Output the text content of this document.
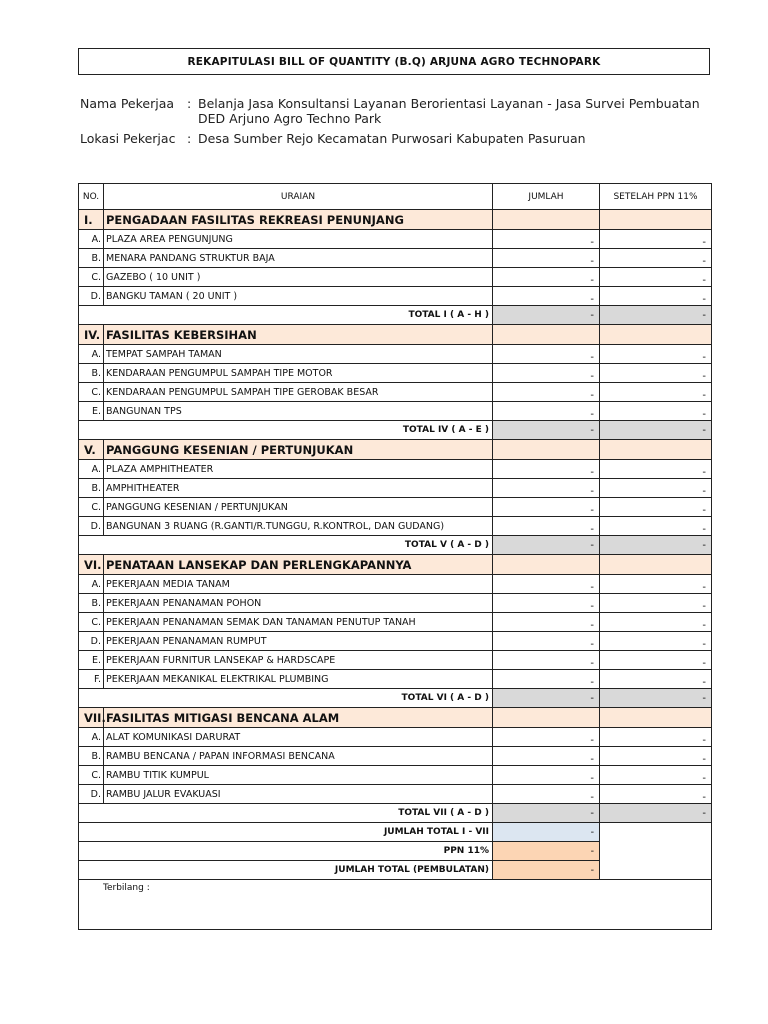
REKAPITULASI BILL OF QUANTITY (B.Q) ARJUNA AGRO TECHNOPARK
Nama Pekerjaa	: Belanja Jasa Konsultansi Layanan Berorientasi Layanan - Jasa Survei Pembuatan DED Arjuno Agro Techno Park
Lokasi Pekerjac : Desa Sumber Rejo Kecamatan Purwosari Kabupaten Pasuruan
NO.	URAIAN	JUMLAH	SETELAH PPN 11%
I.	PENGADAAN FASILITAS REKREASI PENUNJANG		
A.	PLAZA AREA PENGUNJUNG	-	-
B.	MENARA PANDANG STRUKTUR BAJA	-	-
C.	GAZEBO ( 10 UNIT )	-	-
D.	BANGKU TAMAN ( 20 UNIT )	-	-
TOTAL I ( A - H )		-	-
IV.	FASILITAS KEBERSIHAN		
A.	TEMPAT SAMPAH TAMAN	-	-
B.	KENDARAAN PENGUMPUL SAMPAH TIPE MOTOR	-	-
C.	KENDARAAN PENGUMPUL SAMPAH TIPE GEROBAK BESAR	-	-
E.	BANGUNAN TPS	-	-
TOTAL IV ( A - E )		-	-
V.	PANGGUNG KESENIAN / PERTUNJUKAN		
A.	PLAZA AMPHITHEATER	-	-
B.	AMPHITHEATER	-	-
C.	PANGGUNG KESENIAN / PERTUNJUKAN	-	-
D.	BANGUNAN 3 RUANG (R.GANTI/R.TUNGGU, R.KONTROL, DAN GUDANG)	-	-
TOTAL V ( A - D )		-	-
VI.	PENATAAN LANSEKAP DAN PERLENGKAPANNYA		
A.	PEKERJAAN MEDIA TANAM	-	-
B.	PEKERJAAN PENANAMAN POHON	-	-
C.	PEKERJAAN PENANAMAN SEMAK DAN TANAMAN PENUTUP TANAH	-	-
D.	PEKERJAAN PENANAMAN RUMPUT	-	-
E.	PEKERJAAN FURNITUR LANSEKAP & HARDSCAPE	-	-
F.	PEKERJAAN MEKANIKAL ELEKTRIKAL PLUMBING	-	-
TOTAL VI ( A - D )		-	-
VII.	FASILITAS MITIGASI BENCANA ALAM		
A.	ALAT KOMUNIKASI DARURAT	-	-
B.	RAMBU BENCANA / PAPAN INFORMASI BENCANA	-	-
C.	RAMBU TITIK KUMPUL	-	-
D.	RAMBU JALUR EVAKUASI	-	-
TOTAL VII ( A - D )		-	-
JUMLAH TOTAL I - VII		-	
PPN 11%		-	
JUMLAH TOTAL (PEMBULATAN)		-	
Terbilang :			
